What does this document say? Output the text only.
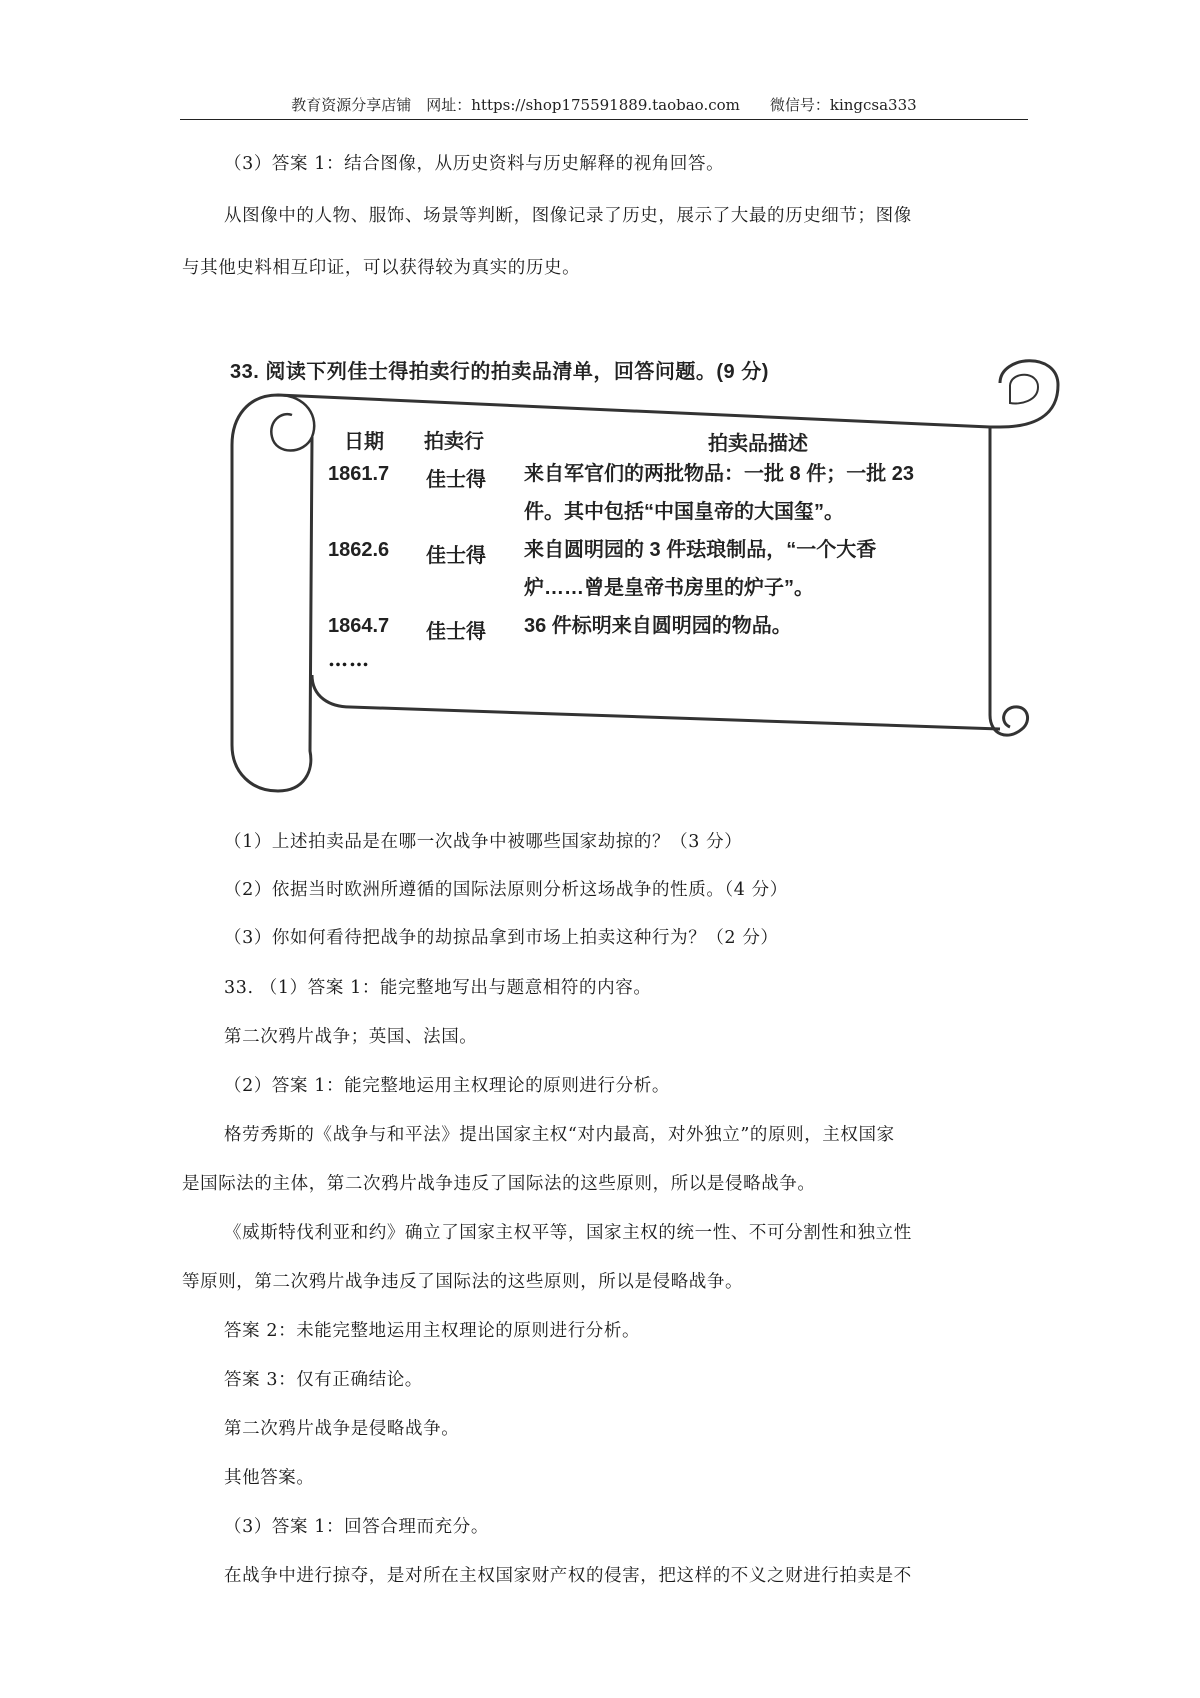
教育资源分享店铺　网址：https://shop175591889.taobao.com　　微信号：kingcsa333
（3）答案 1：结合图像，从历史资料与历史解释的视角回答。
从图像中的人物、服饰、场景等判断，图像记录了历史，展示了大最的历史细节；图像
与其他史料相互印证，可以获得较为真实的历史。
33. 阅读下列佳士得拍卖行的拍卖品清单，回答问题。(9 分)
日期	拍卖行	拍卖品描述
1861.7	佳士得	来自军官们的两批物品：一批 8 件；一批 23
件。其中包括“中国皇帝的大国玺”。
1862.6	佳士得	来自圆明园的 3 件珐琅制品，“一个大香
炉……曾是皇帝书房里的炉子”。
1864.7	佳士得	36 件标明来自圆明园的物品。
……
（1）上述拍卖品是在哪一次战争中被哪些国家劫掠的？（3 分）
（2）依据当时欧洲所遵循的国际法原则分析这场战争的性质。（4 分）
（3）你如何看待把战争的劫掠品拿到市场上拍卖这种行为？（2 分）
33. （1）答案 1：能完整地写出与题意相符的内容。
第二次鸦片战争；英国、法国。
（2）答案 1：能完整地运用主权理论的原则进行分析。
格劳秀斯的《战争与和平法》提出国家主权“对内最高，对外独立”的原则，主权国家
是国际法的主体，第二次鸦片战争违反了国际法的这些原则，所以是侵略战争。
《威斯特伐利亚和约》确立了国家主权平等，国家主权的统一性、不可分割性和独立性
等原则，第二次鸦片战争违反了国际法的这些原则，所以是侵略战争。
答案 2：未能完整地运用主权理论的原则进行分析。
答案 3：仅有正确结论。
第二次鸦片战争是侵略战争。
其他答案。
（3）答案 1：回答合理而充分。
在战争中进行掠夺，是对所在主权国家财产权的侵害，把这样的不义之财进行拍卖是不
